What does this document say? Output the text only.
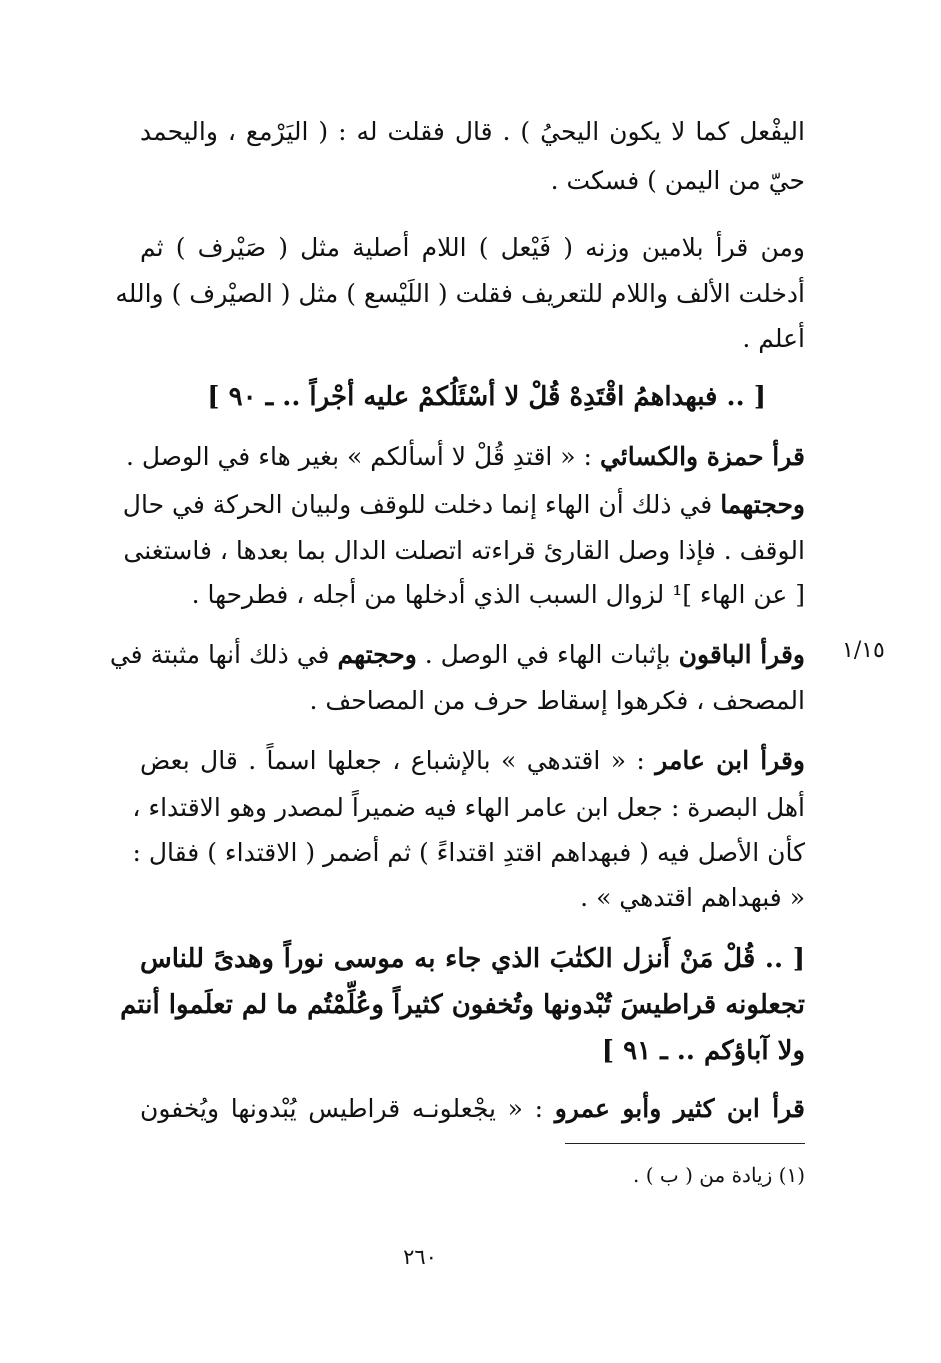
اليفْعل كما لا يكون اليحيُ ) . قال فقلت له : ( اليَرْمع ، واليحمد
حيّ من اليمن ) فسكت .
ومن قرأ بلامين وزنه ( فَيْعل ) اللام أصلية مثل ( صَيْرف ) ثم
أدخلت الألف واللام للتعريف فقلت ( اللَيْسع ) مثل ( الصيْرف ) والله
أعلم .
[ .. فبهداهمُ اقْتَدِهْ قُلْ لا أسْئَلُكمْ عليه أجْراً .. ـ ٩٠ ]
قرأ حمزة والكسائي : « اقتدِ قُلْ لا أسألكم » بغير هاء في الوصل .
وحجتهما في ذلك أن الهاء إنما دخلت للوقف ولبيان الحركة في حال
الوقف . فإذا وصل القارئ قراءته اتصلت الدال بما بعدها ، فاستغنى
[ عن الهاء ]¹ لزوال السبب الذي أدخلها من أجله ، فطرحها .
١/١٥
وقرأ الباقون بإثبات الهاء في الوصل . وحجتهم في ذلك أنها مثبتة في
المصحف ، فكرهوا إسقاط حرف من المصاحف .
وقرأ ابن عامر : « اقتدهي » بالإشباع ، جعلها اسماً . قال بعض
أهل البصرة : جعل ابن عامر الهاء فيه ضميراً لمصدر وهو الاقتداء ،
كأن الأصل فيه ( فبهداهم اقتدِ اقتداءً ) ثم أضمر ( الاقتداء ) فقال :
« فبهداهم اقتدهي » .
[ .. قُلْ مَنْ أَنزل الكتٰبَ الذي جاء به موسى نوراً وهدىً للناس
تجعلونه قراطيسَ تُبْدونها وتُخفون كثيراً وعُلِّمْتُم ما لم تعلَموا أنتم
ولا آباؤكم .. ـ ٩١ ]
قرأ ابن كثير وأبو عمرو : « يجْعلونـه قراطيس يُبْدونها ويُخفون
(١) زيادة من ( ب ) .
٢٦٠
